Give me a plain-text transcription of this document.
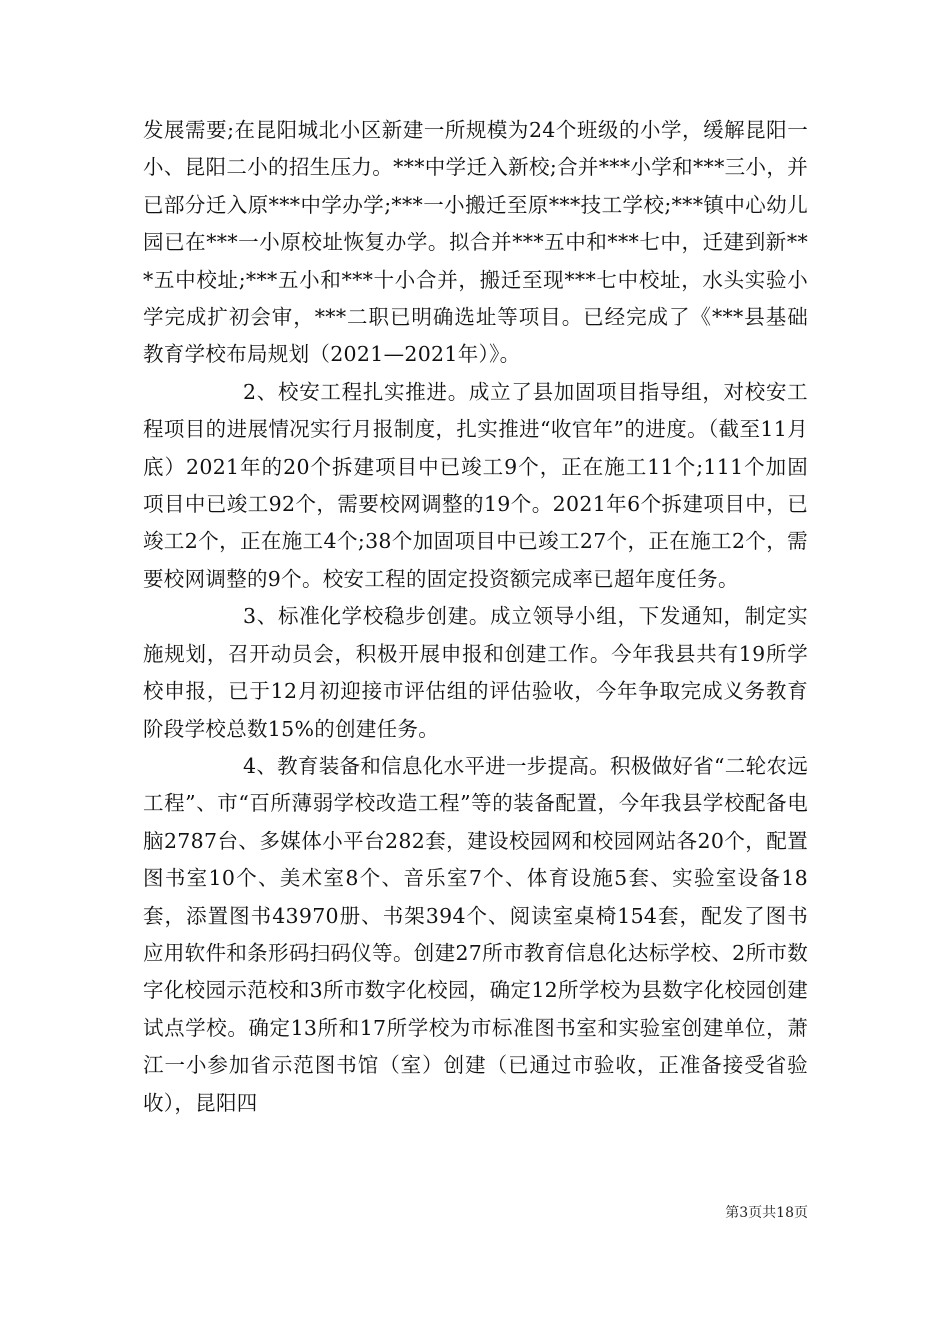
发展需要;在昆阳城北小区新建一所规模为24个班级的小学，缓解昆阳一小、昆阳二小的招生压力。***中学迁入新校;合并***小学和***三小，并已部分迁入原***中学办学;***一小搬迁至原***技工学校;***镇中心幼儿园已在***一小原校址恢复办学。拟合并***五中和***七中，迁建到新***五中校址;***五小和***十小合并，搬迁至现***七中校址，水头实验小学完成扩初会审，***二职已明确选址等项目。已经完成了《***县基础教育学校布局规划（2021—2021年）》。

2、校安工程扎实推进。成立了县加固项目指导组，对校安工程项目的进展情况实行月报制度，扎实推进“收官年”的进度。（截至11月底）2021年的20个拆建项目中已竣工9个，正在施工11个;111个加固项目中已竣工92个，需要校网调整的19个。2021年6个拆建项目中，已竣工2个，正在施工4个;38个加固项目中已竣工27个，正在施工2个，需要校网调整的9个。校安工程的固定投资额完成率已超年度任务。

3、标准化学校稳步创建。成立领导小组，下发通知，制定实施规划，召开动员会，积极开展申报和创建工作。今年我县共有19所学校申报，已于12月初迎接市评估组的评估验收，今年争取完成义务教育阶段学校总数15%的创建任务。

4、教育装备和信息化水平进一步提高。积极做好省“二轮农远工程”、市“百所薄弱学校改造工程”等的装备配置，今年我县学校配备电脑2787台、多媒体小平台282套，建设校园网和校园网站各20个，配置图书室10个、美术室8个、音乐室7个、体育设施5套、实验室设备18套，添置图书43970册、书架394个、阅读室桌椅154套，配发了图书应用软件和条形码扫码仪等。创建27所市教育信息化达标学校、2所市数字化校园示范校和3所市数字化校园，确定12所学校为县数字化校园创建试点学校。确定13所和17所学校为市标准图书室和实验室创建单位，萧江一小参加省示范图书馆（室）创建（已通过市验收，正准备接受省验收），昆阳四

第3页共18页
